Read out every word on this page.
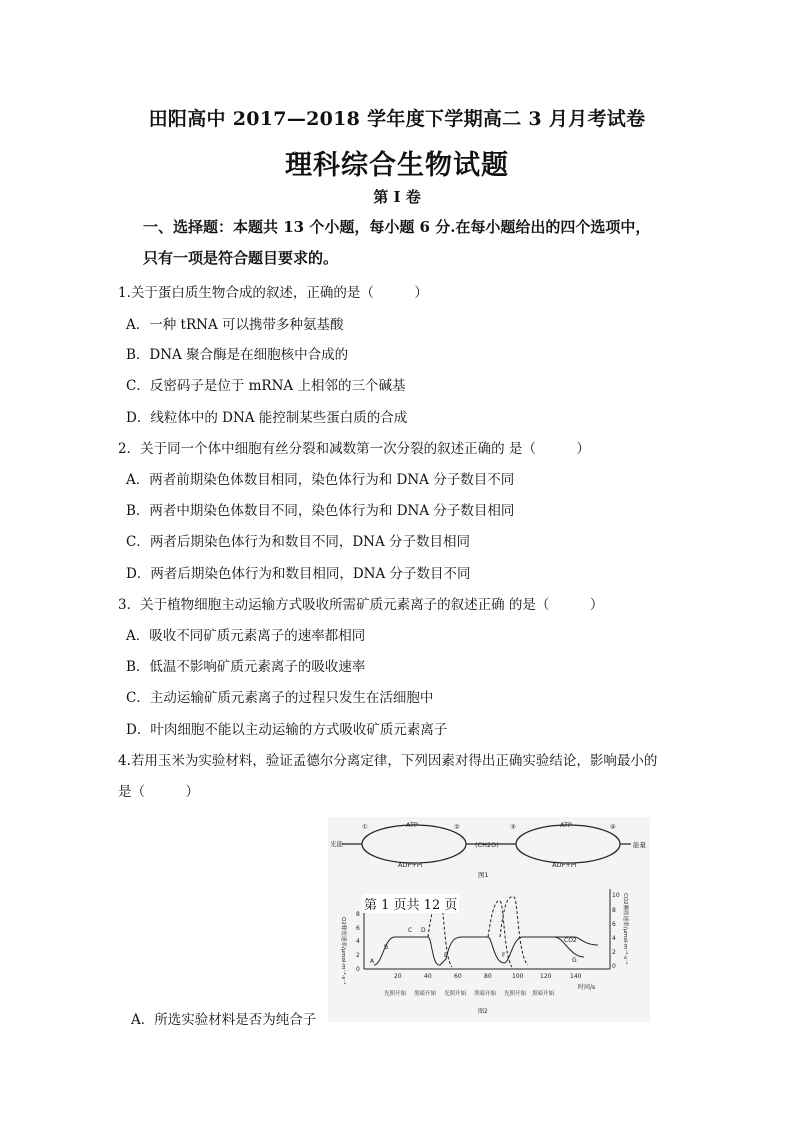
田阳高中 2017—2018 学年度下学期高二 3 月月考试卷
理科综合生物试题
第 I 卷
一、选择题：本题共 13 个小题，每小题 6 分.在每小题给出的四个选项中，
只有一项是符合题目要求的。
1.关于蛋白质生物合成的叙述，正确的是（　　　）
A．一种 tRNA 可以携带多种氨基酸
B．DNA 聚合酶是在细胞核中合成的
C．反密码子是位于 mRNA 上相邻的三个碱基
D．线粒体中的 DNA 能控制某些蛋白质的合成
2．关于同一个体中细胞有丝分裂和减数第一次分裂的叙述正确的 是（　　　）
A．两者前期染色体数目相同，染色体行为和 DNA 分子数目不同
B．两者中期染色体数目不同，染色体行为和 DNA 分子数目相同
C．两者后期染色体行为和数目不同，DNA 分子数目相同
D．两者后期染色体行为和数目相同，DNA 分子数目不同
3．关于植物细胞主动运输方式吸收所需矿质元素离子的叙述正确 的是（　　　）
A．吸收不同矿质元素离子的速率都相同
B．低温不影响矿质元素离子的吸收速率
C．主动运输矿质元素离子的过程只发生在活细胞中
D．叶肉细胞不能以主动运输的方式吸收矿质元素离子
4.若用玉米为实验材料，验证孟德尔分离定律，下列因素对得出正确实验结论，影响最小的
是（　　　）
A．所选实验材料是否为纯合子
光能
ATP
ADP+Pi
(CH2O)
ATP
ADP+Pi
能量
①	②	③	④
图1
O2释放速率/μmol·m⁻²·s⁻¹	CO2吸收速率/μmol·m⁻²·s⁻¹
8
6
4
2
0
10
8
6
4
2
0
20	40	60	80	100	120	140
时间/s
A
B
C D
E	F
G
CO2
光照开始 黑暗开始 光照开始 黑暗开始 光照开始 黑暗开始
图2
第 1 页共 12 页
